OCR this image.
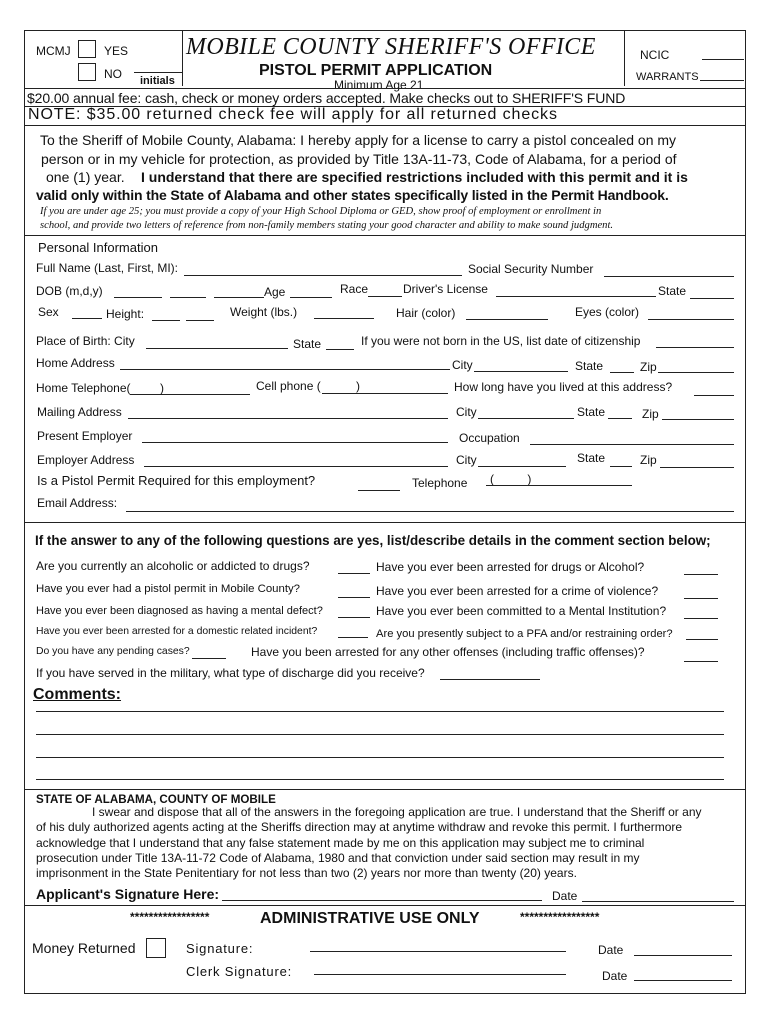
MCMJ	YES
NO initials
MOBILE COUNTY SHERIFF'S OFFICE
PISTOL PERMIT APPLICATION
Minimum Age 21
NCIC
WARRANTS
$20.00 annual fee: cash, check or money orders accepted. Make checks out to SHERIFF'S FUND
NOTE: $35.00 returned check fee will apply for all returned checks
To the Sheriff of Mobile County, Alabama: I hereby apply for a license to carry a pistol concealed on my
person or in my vehicle for protection, as provided by Title 13A-11-73, Code of Alabama, for a period of
one (1) year. I understand that there are specified restrictions included with this permit and it is
valid only within the State of Alabama and other states specifically listed in the Permit Handbook.
If you are under age 25; you must provide a copy of your High School Diploma or GED, show proof of employment or enrollment in
school, and provide two letters of reference from non-family members stating your good character and ability to make sound judgment.
Personal Information
Full Name (Last, First, MI):	Social Security Number
DOB (m,d,y)	Age	Race	Driver's License	State
Sex	Height:	Weight (lbs.)	Hair (color)	Eyes (color)
Place of Birth: City	State	If you were not born in the US, list date of citizenship
Home Address	City	State	Zip
Home Telephone( )	Cell phone (	)	How long have you lived at this address?
Mailing Address	City	State	Zip
Present Employer	Occupation
Employer Address	City	State	Zip
Is a Pistol Permit Required for this employment?	Telephone (          )
Email Address:
If the answer to any of the following questions are yes, list/describe details in the comment section below;
Are you currently an alcoholic or addicted to drugs?	Have you ever been arrested for drugs or Alcohol?
Have you ever had a pistol permit in Mobile County?	Have you ever been arrested for a crime of violence?
Have you ever been diagnosed as having a mental defect?	Have you ever been committed to a Mental Institution?
Have you ever been arrested for a domestic related incident?	Are you presently subject to a PFA and/or restraining order?
Do you have any pending cases?	Have you been arrested for any other offenses (including traffic offenses)?
If you have served in the military, what type of discharge did you receive?
Comments:
STATE OF ALABAMA, COUNTY OF MOBILE
I swear and dispose that all of the answers in the foregoing application are true. I understand that the Sheriff or any
of his duly authorized agents acting at the Sheriffs direction may at anytime withdraw and revoke this permit. I furthermore
acknowledge that I understand that any false statement made by me on this application may subject me to criminal
prosecution under Title 13A-11-72 Code of Alabama, 1980 and that conviction under said section may result in my
imprisonment in the State Penitentiary for not less than two (2) years nor more than twenty (20) years.
Applicant's Signature Here:	Date
*****************	ADMINISTRATIVE USE ONLY	*****************
Money Returned	Signature:	Date
Clerk Signature:	Date
